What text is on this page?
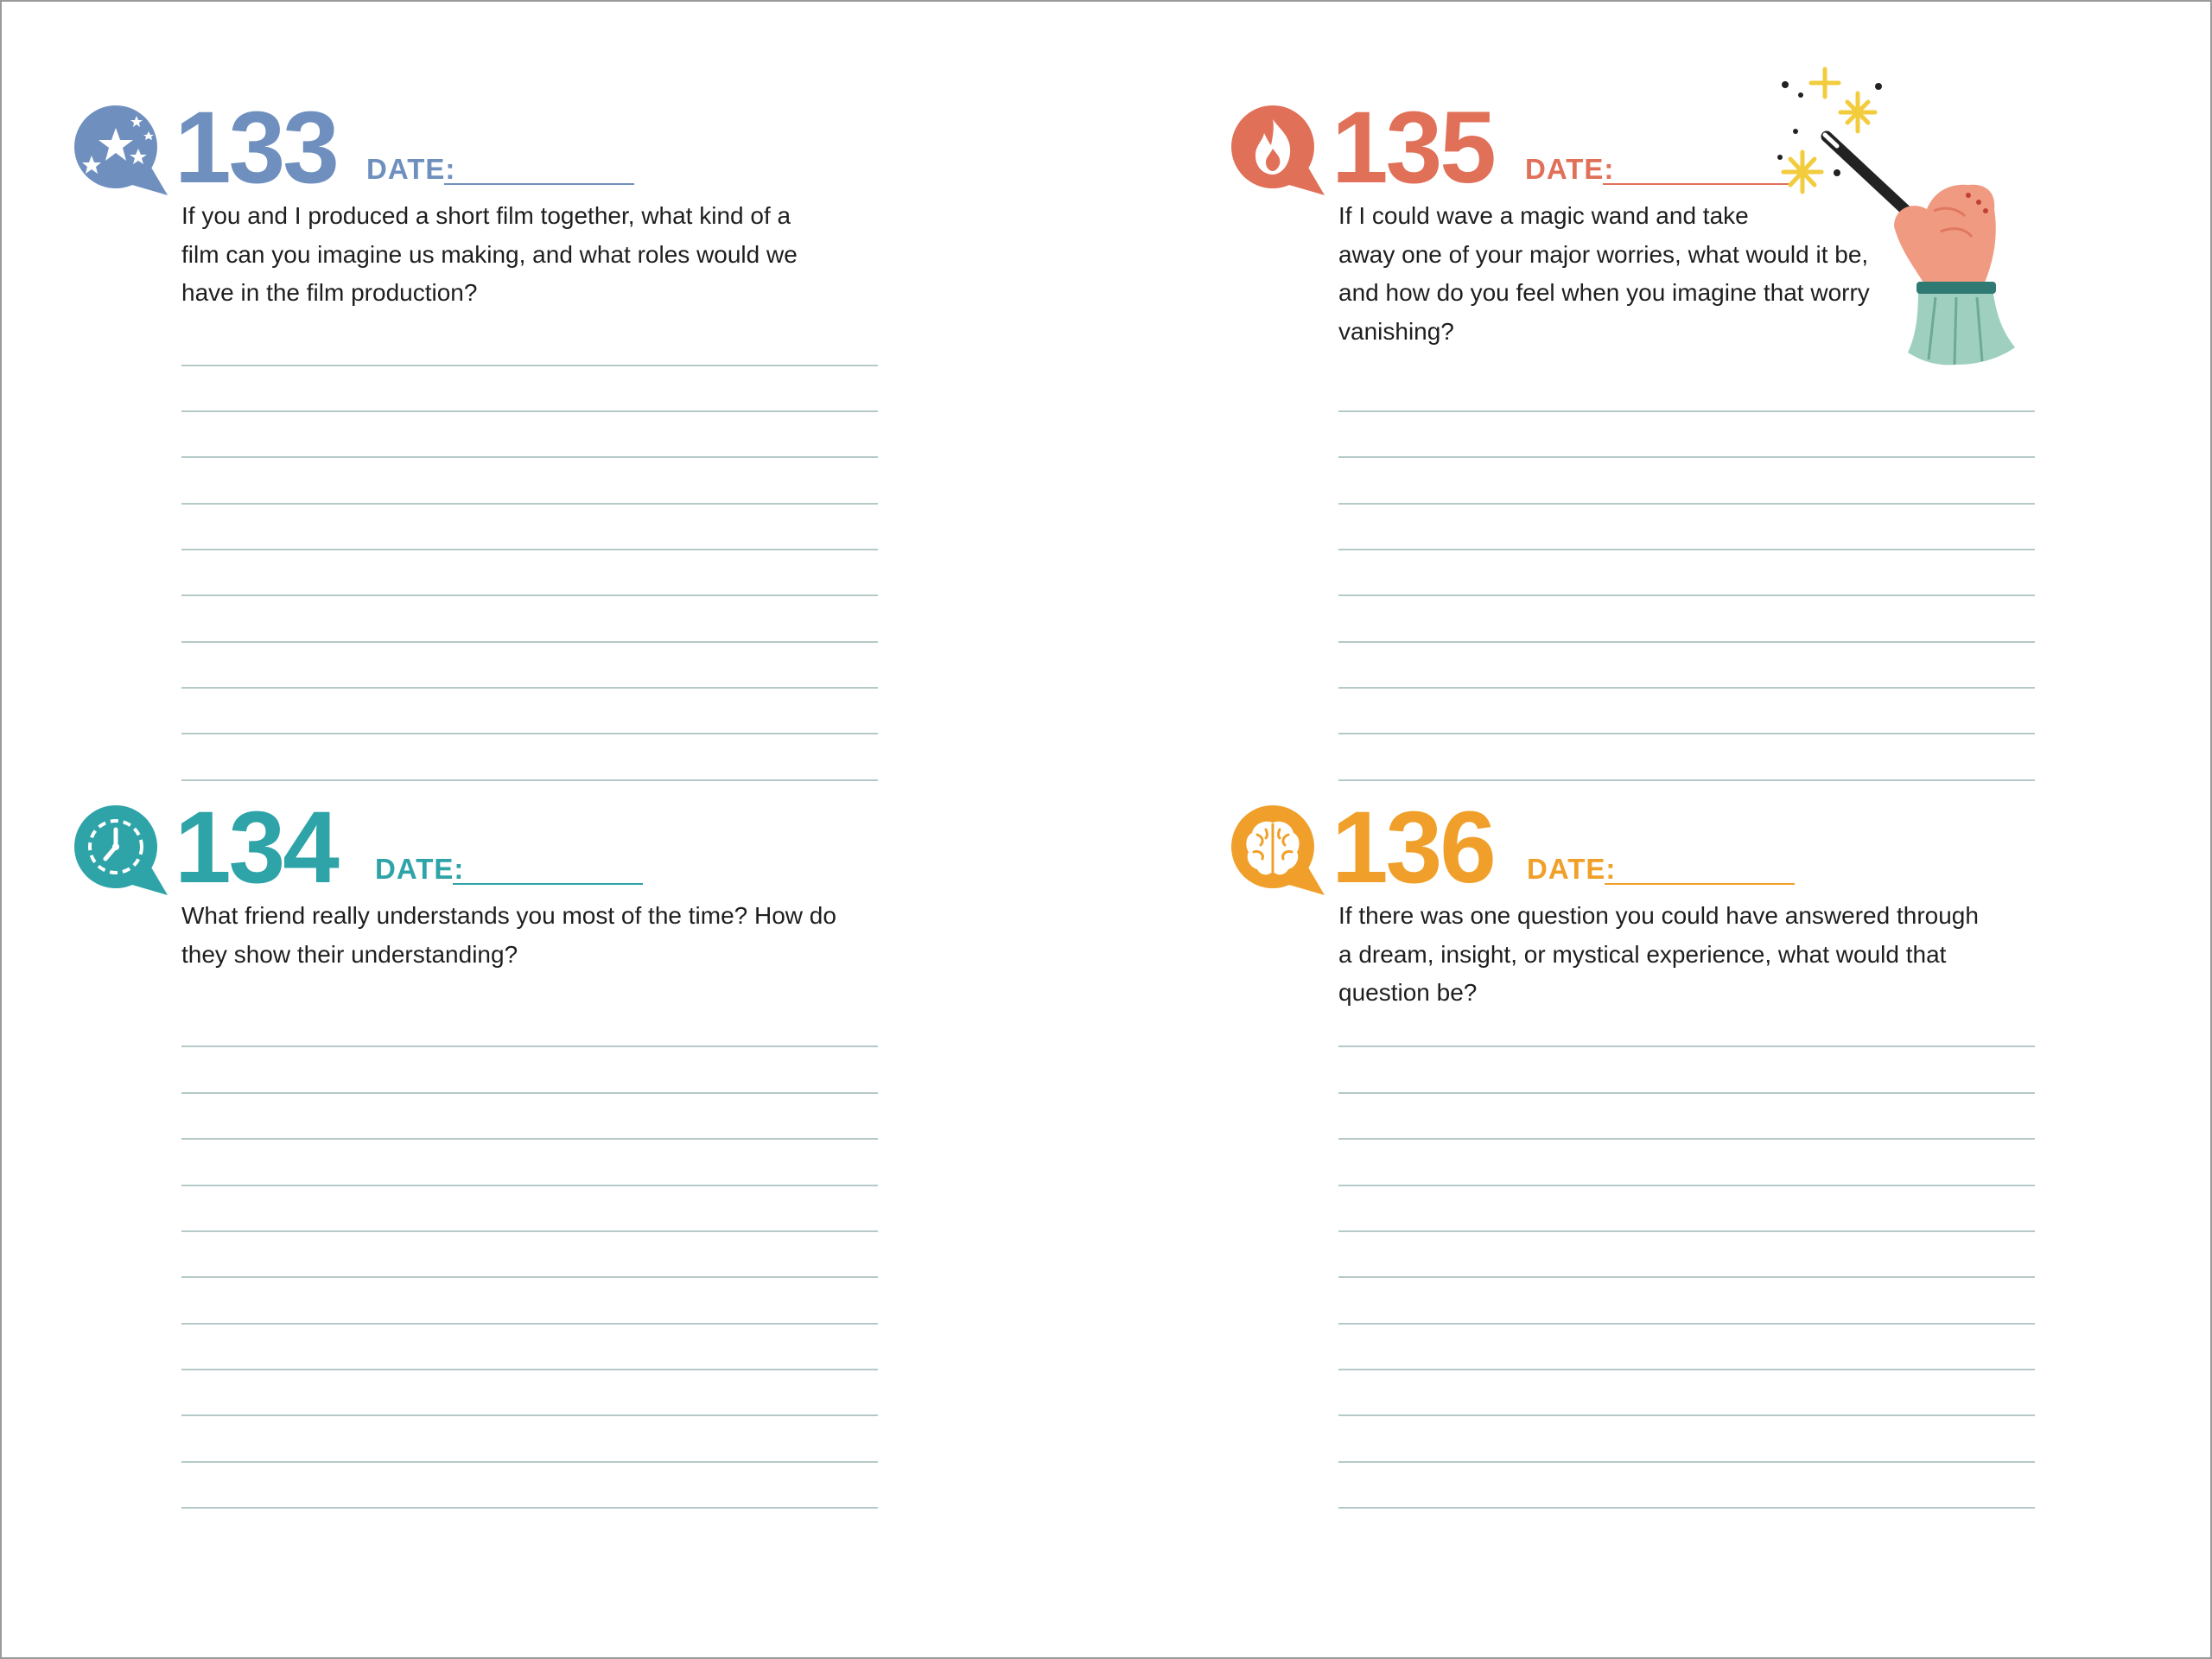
133 DATE:
If you and I produced a short film together, what kind of a
film can you imagine us making, and what roles would we
have in the film production?
134 DATE:
What friend really understands you most of the time? How do
they show their understanding?
135 DATE:
If I could wave a magic wand and take
away one of your major worries, what would it be,
and how do you feel when you imagine that worry
vanishing?
136 DATE:
If there was one question you could have answered through
a dream, insight, or mystical experience, what would that
question be?
